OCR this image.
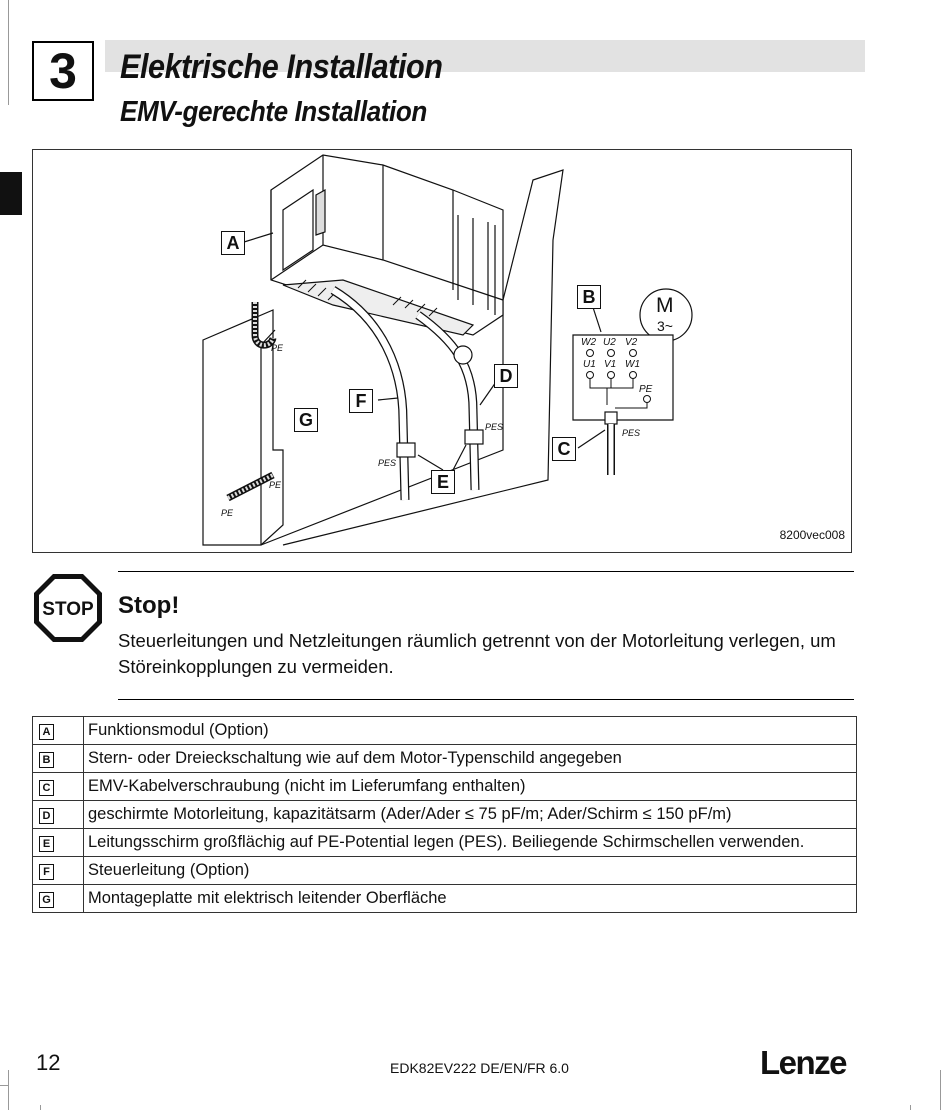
3	Elektrische Installation
EMV-gerechte Installation
A
B
C
D
E
F
G
PE
PE
PE
PES
PES
PES
M
3~
W2 U2 V2
U1 V1 W1
PE
8200vec008
STOP Stop!
Steuerleitungen und Netzleitungen räumlich getrennt von der Motorleitung verlegen, um Störeinkopplungen zu vermeiden.
A	Funktionsmodul (Option)
B	Stern- oder Dreieckschaltung wie auf dem Motor-Typenschild angegeben
C	EMV-Kabelverschraubung (nicht im Lieferumfang enthalten)
D	geschirmte Motorleitung, kapazitätsarm (Ader/Ader ≤ 75 pF/m; Ader/Schirm ≤ 150 pF/m)
E	Leitungsschirm großflächig auf PE-Potential legen (PES). Beiliegende Schirmschellen verwenden.
F	Steuerleitung (Option)
G	Montageplatte mit elektrisch leitender Oberfläche
12	EDK82EV222 DE/EN/FR 6.0	Lenze
